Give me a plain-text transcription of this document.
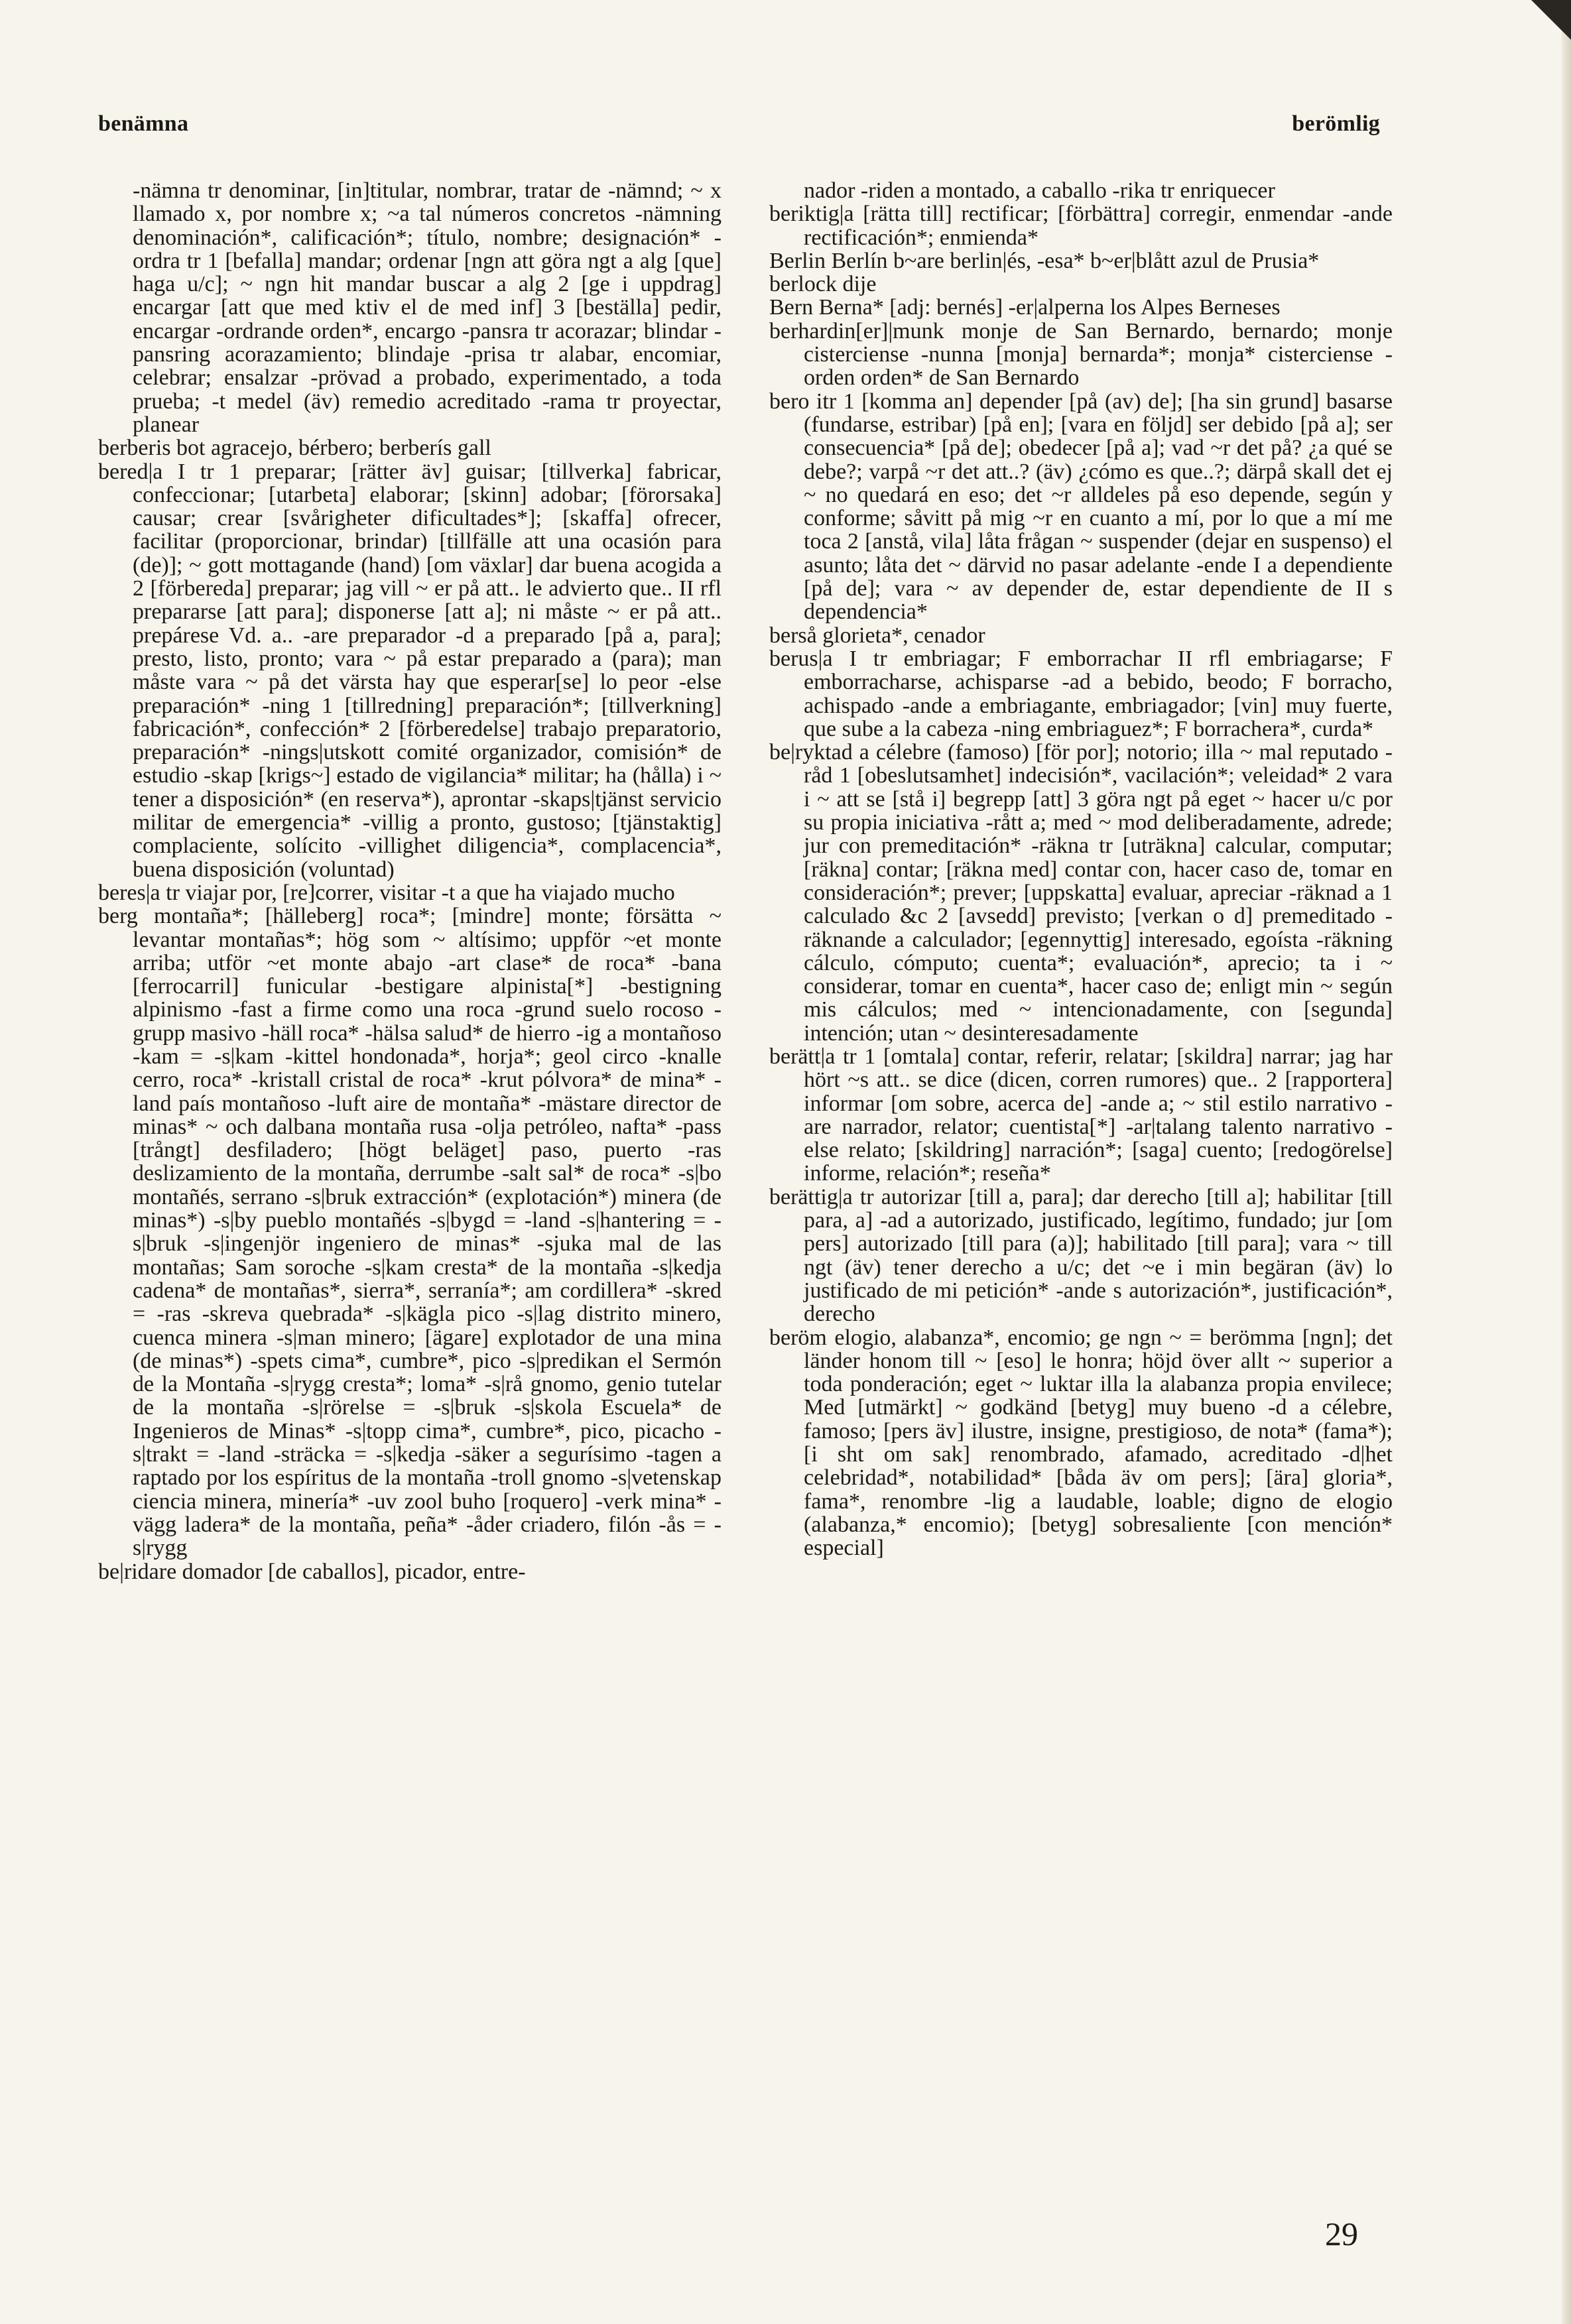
benämna	berömlig

-nämna tr denominar, [in]titular, nombrar, tratar de -nämnd; ~ x llamado x, por nombre x; ~a tal números concretos -nämning denominación*, calificación*; título, nombre; designación* -ordra tr 1 [befalla] mandar; ordenar [ngn att göra ngt a alg [que] haga u/c]; ~ ngn hit mandar buscar a alg 2 [ge i uppdrag] encargar [att que med ktiv el de med inf] 3 [beställa] pedir, encargar -ordrande orden*, encargo -pansra tr acorazar; blindar -pansring acorazamiento; blindaje -prisa tr alabar, encomiar, celebrar; ensalzar -prövad a probado, experimentado, a toda prueba; -t medel (äv) remedio acreditado -rama tr proyectar, planear

berberis bot agracejo, bérbero; berberís gall

bered|a I tr 1 preparar; [rätter äv] guisar; [tillverka] fabricar, confeccionar; [utarbeta] elaborar; [skinn] adobar; [förorsaka] causar; crear [svårigheter dificultades*]; [skaffa] ofrecer, facilitar (proporcionar, brindar) [tillfälle att una ocasión para (de)]; ~ gott mottagande (hand) [om växlar] dar buena acogida a 2 [förbereda] preparar; jag vill ~ er på att.. le advierto que.. II rfl prepararse [att para]; disponerse [att a]; ni måste ~ er på att.. prepárese Vd. a.. -are preparador -d a preparado [på a, para]; presto, listo, pronto; vara ~ på estar preparado a (para); man måste vara ~ på det värsta hay que esperar[se] lo peor -else preparación* -ning 1 [tillredning] preparación*; [tillverkning] fabricación*, confección* 2 [förberedelse] trabajo preparatorio, preparación* -nings|utskott comité organizador, comisión* de estudio -skap [krigs~] estado de vigilancia* militar; ha (hålla) i ~ tener a disposición* (en reserva*), aprontar -skaps|tjänst servicio militar de emergencia* -villig a pronto, gustoso; [tjänstaktig] complaciente, solícito -villighet diligencia*, complacencia*, buena disposición (voluntad)

beres|a tr viajar por, [re]correr, visitar -t a que ha viajado mucho

berg montaña*; [hälleberg] roca*; [mindre] monte; försätta ~ levantar montañas*; hög som ~ altísimo; uppför ~et monte arriba; utför ~et monte abajo -art clase* de roca* -bana [ferrocarril] funicular -bestigare alpinista[*] -bestigning alpinismo -fast a firme como una roca -grund suelo rocoso -grupp masivo -häll roca* -hälsa salud* de hierro -ig a montañoso -kam = -s|kam -kittel hondonada*, horja*; geol circo -knalle cerro, roca* -kristall cristal de roca* -krut pólvora* de mina* -land país montañoso -luft aire de montaña* -mästare director de minas* ~ och dalbana montaña rusa -olja petróleo, nafta* -pass [trångt] desfiladero; [högt beläget] paso, puerto -ras deslizamiento de la montaña, derrumbe -salt sal* de roca* -s|bo montañés, serrano -s|bruk extracción* (explotación*) minera (de minas*) -s|by pueblo montañés -s|bygd = -land -s|hantering = -s|bruk -s|ingenjör ingeniero de minas* -sjuka mal de las montañas; Sam soroche -s|kam cresta* de la montaña -s|kedja cadena* de montañas*, sierra*, serranía*; am cordillera* -skred = -ras -skreva quebrada* -s|kägla pico -s|lag distrito minero, cuenca minera -s|man minero; [ägare] explotador de una mina (de minas*) -spets cima*, cumbre*, pico -s|predikan el Sermón de la Montaña -s|rygg cresta*; loma* -s|rå gnomo, genio tutelar de la montaña -s|rörelse = -s|bruk -s|skola Escuela* de Ingenieros de Minas* -s|topp cima*, cumbre*, pico, picacho -s|trakt = -land -sträcka = -s|kedja -säker a segurísimo -tagen a raptado por los espíritus de la montaña -troll gnomo -s|vetenskap ciencia minera, minería* -uv zool buho [roquero] -verk mina* -vägg ladera* de la montaña, peña* -åder criadero, filón -ås = -s|rygg

be|ridare domador [de caballos], picador, entre-

nador -riden a montado, a caballo -rika tr enriquecer

beriktig|a [rätta till] rectificar; [förbättra] corregir, enmendar -ande rectificación*; enmienda*

Berlin Berlín b~are berlin|és, -esa* b~er|blått azul de Prusia*

berlock dije

Bern Berna* [adj: bernés] -er|alperna los Alpes Berneses

berhardin[er]|munk monje de San Bernardo, bernardo; monje cisterciense -nunna [monja] bernarda*; monja* cisterciense -orden orden* de San Bernardo

bero itr 1 [komma an] depender [på (av) de]; [ha sin grund] basarse (fundarse, estribar) [på en]; [vara en följd] ser debido [på a]; ser consecuencia* [på de]; obedecer [på a]; vad ~r det på? ¿a qué se debe?; varpå ~r det att..? (äv) ¿cómo es que..?; därpå skall det ej ~ no quedará en eso; det ~r alldeles på eso depende, según y conforme; såvitt på mig ~r en cuanto a mí, por lo que a mí me toca 2 [anstå, vila] låta frågan ~ suspender (dejar en suspenso) el asunto; låta det ~ därvid no pasar adelante -ende I a dependiente [på de]; vara ~ av depender de, estar dependiente de II s dependencia*

berså glorieta*, cenador

berus|a I tr embriagar; F emborrachar II rfl embriagarse; F emborracharse, achisparse -ad a bebido, beodo; F borracho, achispado -ande a embriagante, embriagador; [vin] muy fuerte, que sube a la cabeza -ning embriaguez*; F borrachera*, curda*

be|ryktad a célebre (famoso) [för por]; notorio; illa ~ mal reputado -råd 1 [obeslutsamhet] indecisión*, vacilación*; veleidad* 2 vara i ~ att se [stå i] begrepp [att] 3 göra ngt på eget ~ hacer u/c por su propia iniciativa -rått a; med ~ mod deliberadamente, adrede; jur con premeditación* -räkna tr [uträkna] calcular, computar; [räkna] contar; [räkna med] contar con, hacer caso de, tomar en consideración*; prever; [uppskatta] evaluar, apreciar -räknad a 1 calculado &c 2 [avsedd] previsto; [verkan o d] premeditado -räknande a calculador; [egennyttig] interesado, egoísta -räkning cálculo, cómputo; cuenta*; evaluación*, aprecio; ta i ~ considerar, tomar en cuenta*, hacer caso de; enligt min ~ según mis cálculos; med ~ intencionadamente, con [segunda] intención; utan ~ desinteresadamente

berätt|a tr 1 [omtala] contar, referir, relatar; [skildra] narrar; jag har hört ~s att.. se dice (dicen, corren rumores) que.. 2 [rapportera] informar [om sobre, acerca de] -ande a; ~ stil estilo narrativo -are narrador, relator; cuentista[*] -ar|talang talento narrativo -else relato; [skildring] narración*; [saga] cuento; [redogörelse] informe, relación*; reseña*

berättig|a tr autorizar [till a, para]; dar derecho [till a]; habilitar [till para, a] -ad a autorizado, justificado, legítimo, fundado; jur [om pers] autorizado [till para (a)]; habilitado [till para]; vara ~ till ngt (äv) tener derecho a u/c; det ~e i min begäran (äv) lo justificado de mi petición* -ande s autorización*, justificación*, derecho

beröm elogio, alabanza*, encomio; ge ngn ~ = berömma [ngn]; det länder honom till ~ [eso] le honra; höjd över allt ~ superior a toda ponderación; eget ~ luktar illa la alabanza propia envilece; Med [utmärkt] ~ godkänd [betyg] muy bueno -d a célebre, famoso; [pers äv] ilustre, insigne, prestigioso, de nota* (fama*); [i sht om sak] renombrado, afamado, acreditado -d|het celebridad*, notabilidad* [båda äv om pers]; [ära] gloria*, fama*, renombre -lig a laudable, loable; digno de elogio (alabanza,* encomio); [betyg] sobresaliente [con mención* especial]

29
